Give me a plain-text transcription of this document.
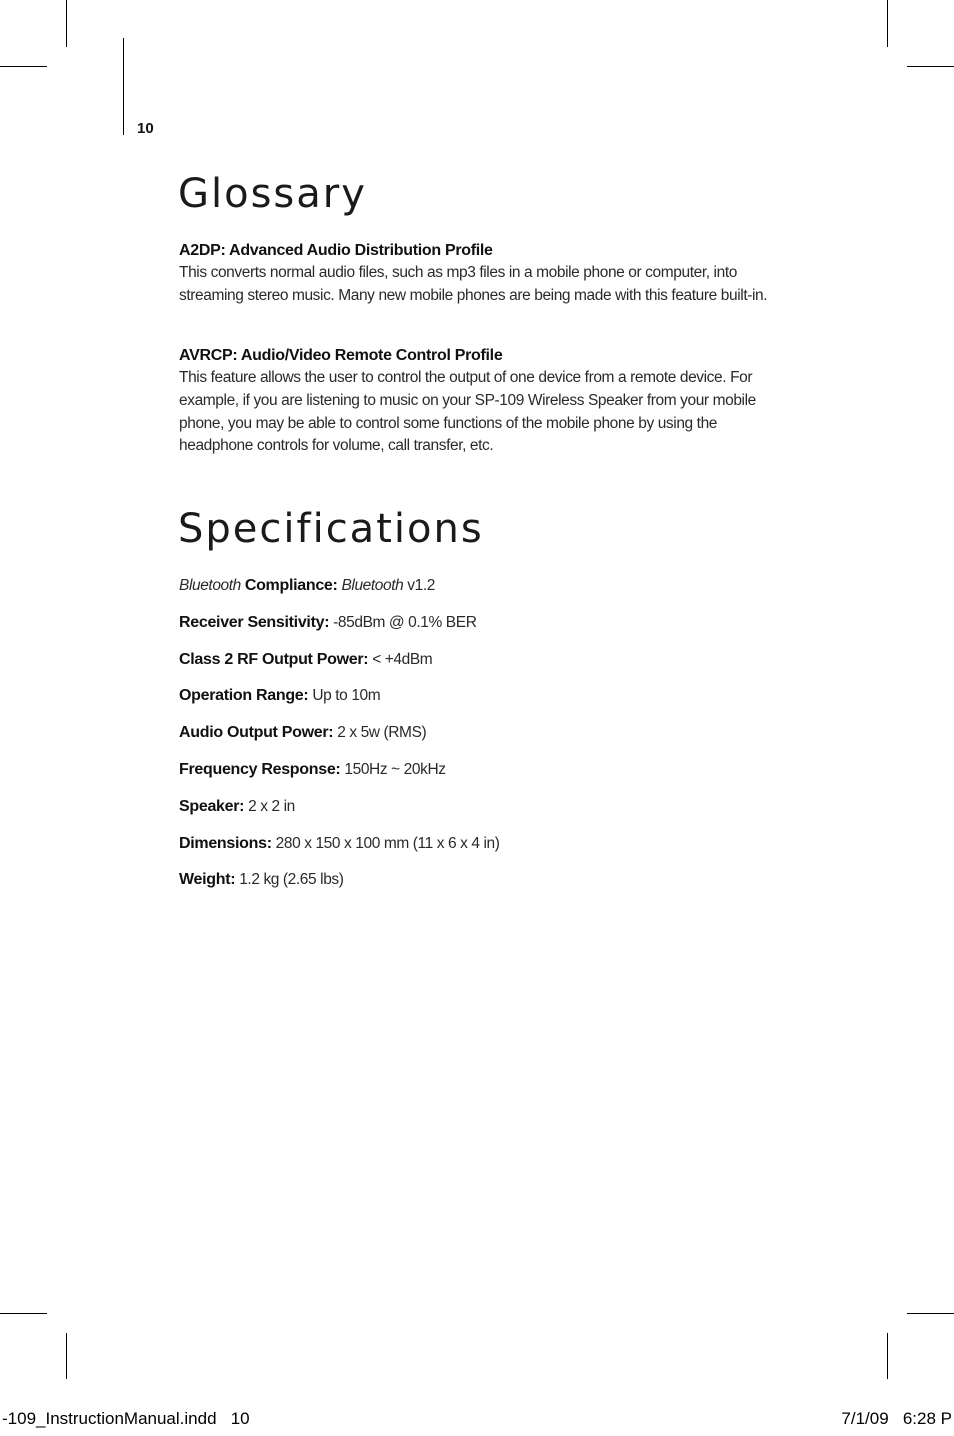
10
Glossary
A2DP: Advanced Audio Distribution Profile
This converts normal audio files, such as mp3 files in a mobile phone or computer, into streaming stereo music. Many new mobile phones are being made with this feature built-in.
AVRCP: Audio/Video Remote Control Profile
This feature allows the user to control the output of one device from a remote device. For example, if you are listening to music on your SP-109 Wireless Speaker from your mobile phone, you may be able to control some functions of the mobile phone by using the headphone controls for volume, call transfer, etc.
Specifications
Bluetooth Compliance: Bluetooth v1.2
Receiver Sensitivity: -85dBm @ 0.1% BER
Class 2 RF Output Power: < +4dBm
Operation Range: Up to 10m
Audio Output Power: 2 x 5w (RMS)
Frequency Response: 150Hz ~ 20kHz
Speaker: 2 x 2 in
Dimensions: 280 x 150 x 100 mm (11 x 6 x 4 in)
Weight: 1.2 kg (2.65 lbs)
-109_InstructionManual.indd   10	7/1/09   6:28 P
